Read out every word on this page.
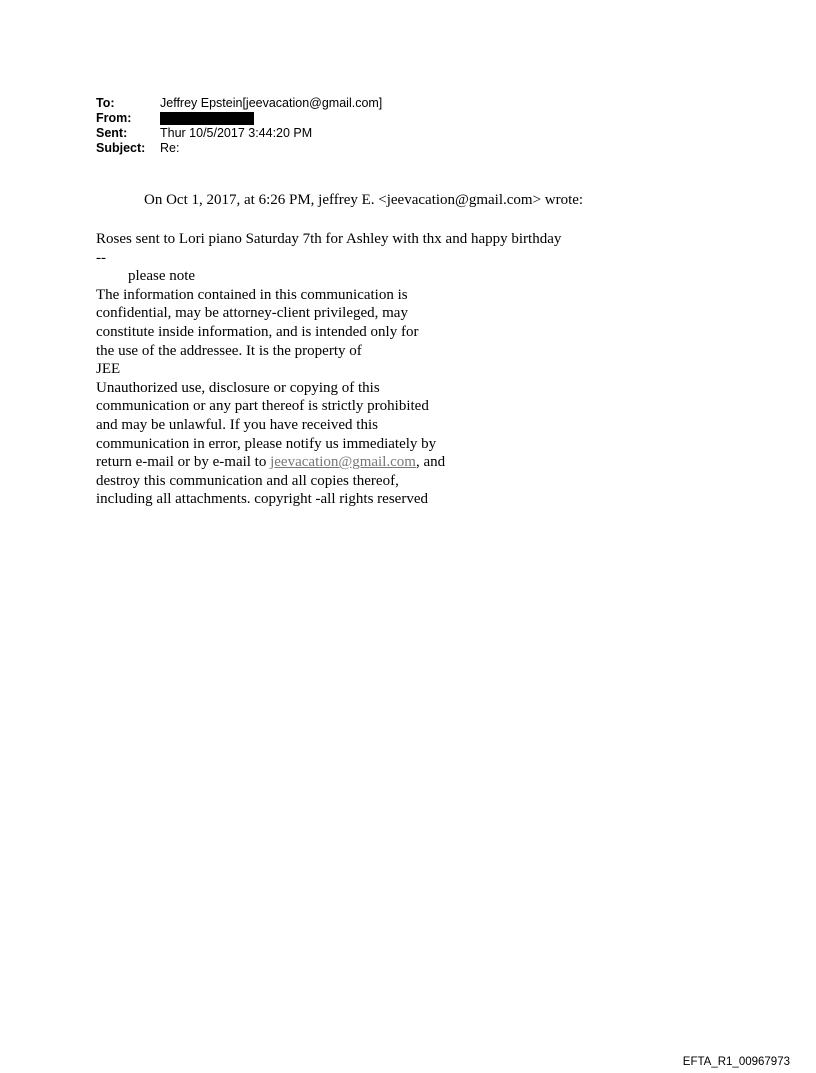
To:	Jeffrey Epstein[jeevacation@gmail.com]
From:
Sent:	Thur 10/5/2017 3:44:20 PM
Subject:	Re:
On Oct 1, 2017, at 6:26 PM, jeffrey E. <jeevacation@gmail.com> wrote:
Roses sent to Lori piano Saturday 7th for Ashley with thx and happy birthday
--
please note
The information contained in this communication is
confidential, may be attorney-client privileged, may
constitute inside information, and is intended only for
the use of the addressee. It is the property of
JEE
Unauthorized use, disclosure or copying of this
communication or any part thereof is strictly prohibited
and may be unlawful. If you have received this
communication in error, please notify us immediately by
return e-mail or by e-mail to jeevacation@gmail.com, and
destroy this communication and all copies thereof,
including all attachments. copyright -all rights reserved
EFTA_R1_00967973
